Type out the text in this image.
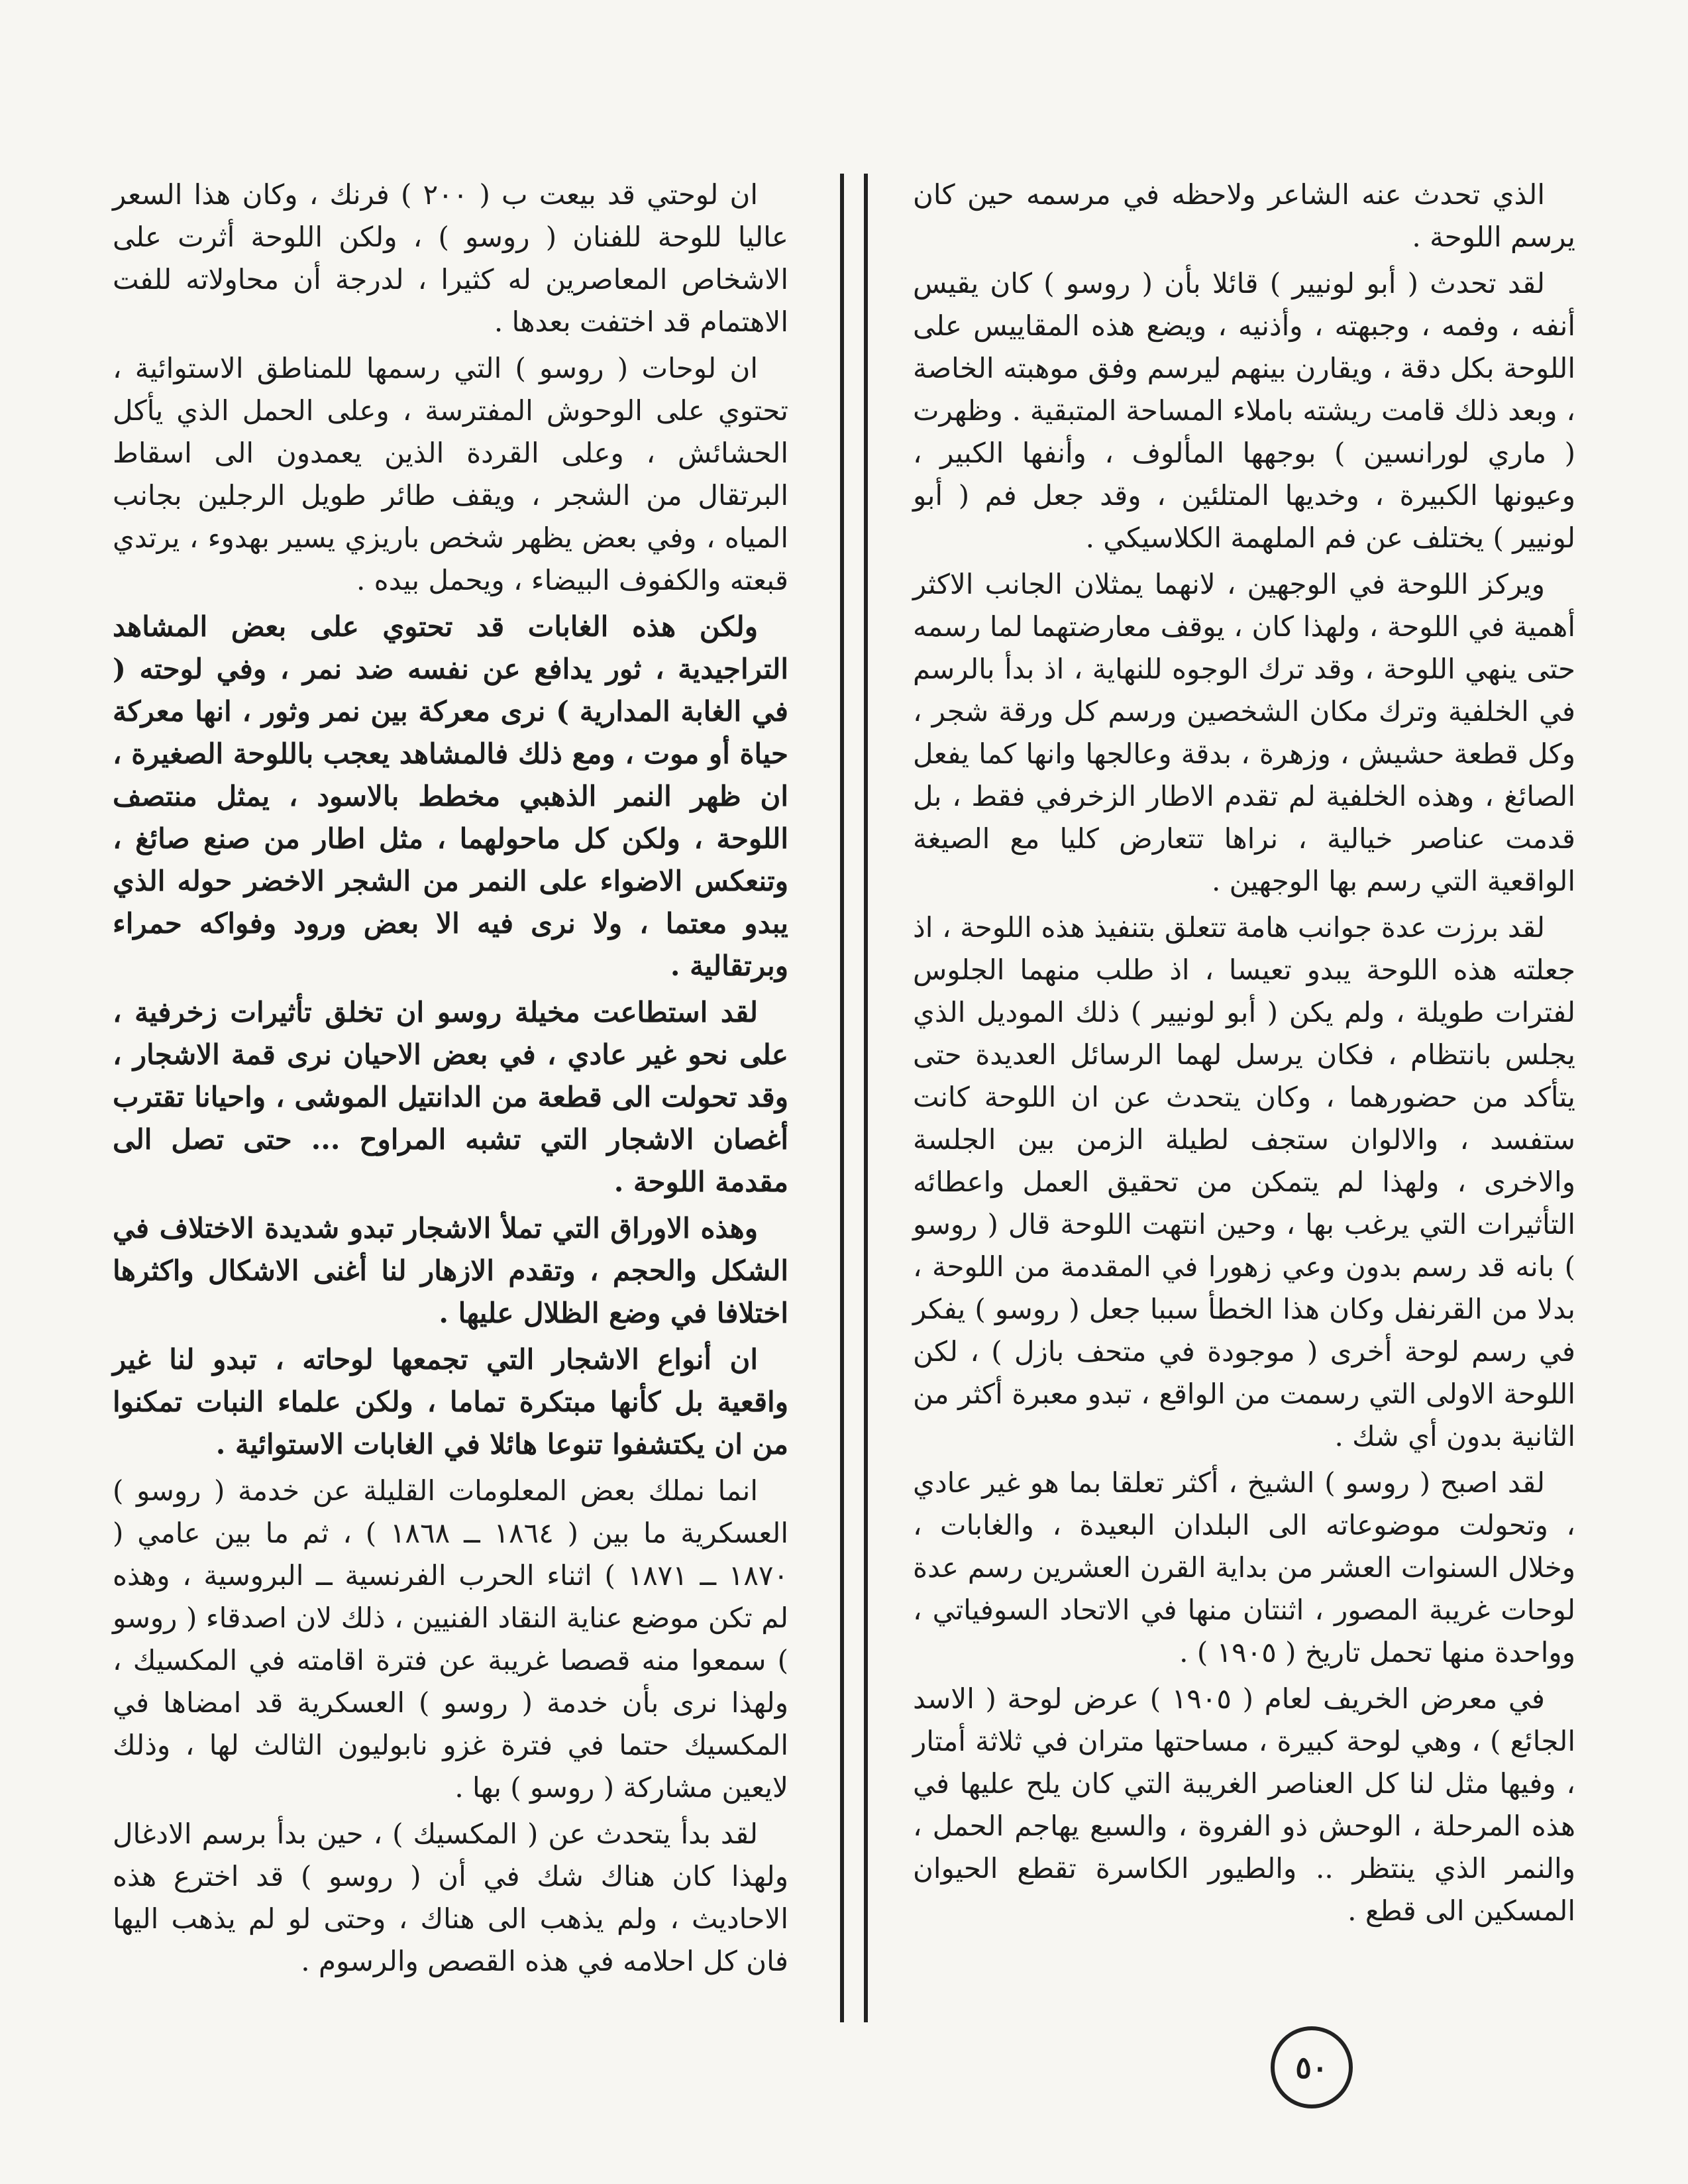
الذي تحدث عنه الشاعر ولاحظه في مرسمه حين كان يرسم اللوحة .

لقد تحدث ( أبو لونيير ) قائلا بأن ( روسو ) كان يقيس أنفه ، وفمه ، وجبهته ، وأذنيه ، ويضع هذه المقاييس على اللوحة بكل دقة ، ويقارن بينهم ليرسم وفق موهبته الخاصة ، وبعد ذلك قامت ريشته باملاء المساحة المتبقية . وظهرت ( ماري لورانسين ) بوجهها المألوف ، وأنفها الكبير ، وعيونها الكبيرة ، وخديها المتلئين ، وقد جعل فم ( أبو لونيير ) يختلف عن فم الملهمة الكلاسيكي .

ويركز اللوحة في الوجهين ، لانهما يمثلان الجانب الاكثر أهمية في اللوحة ، ولهذا كان ، يوقف معارضتهما لما رسمه حتى ينهي اللوحة ، وقد ترك الوجوه للنهاية ، اذ بدأ بالرسم في الخلفية وترك مكان الشخصين ورسم كل ورقة شجر ، وكل قطعة حشيش ، وزهرة ، بدقة وعالجها وانها كما يفعل الصائغ ، وهذه الخلفية لم تقدم الاطار الزخرفي فقط ، بل قدمت عناصر خيالية ، نراها تتعارض كليا مع الصيغة الواقعية التي رسم بها الوجهين .

لقد برزت عدة جوانب هامة تتعلق بتنفيذ هذه اللوحة ، اذ جعلته هذه اللوحة يبدو تعيسا ، اذ طلب منهما الجلوس لفترات طويلة ، ولم يكن ( أبو لونيير ) ذلك الموديل الذي يجلس بانتظام ، فكان يرسل لهما الرسائل العديدة حتى يتأكد من حضورهما ، وكان يتحدث عن ان اللوحة كانت ستفسد ، والالوان ستجف لطيلة الزمن بين الجلسة والاخرى ، ولهذا لم يتمكن من تحقيق العمل واعطائه التأثيرات التي يرغب بها ، وحين انتهت اللوحة قال ( روسو ) بانه قد رسم بدون وعي زهورا في المقدمة من اللوحة ، بدلا من القرنفل وكان هذا الخطأ سببا جعل ( روسو ) يفكر في رسم لوحة أخرى ( موجودة في متحف بازل ) ، لكن اللوحة الاولى التي رسمت من الواقع ، تبدو معبرة أكثر من الثانية بدون أي شك .

لقد اصبح ( روسو ) الشيخ ، أكثر تعلقا بما هو غير عادي ، وتحولت موضوعاته الى البلدان البعيدة ، والغابات ، وخلال السنوات العشر من بداية القرن العشرين رسم عدة لوحات غريبة المصور ، اثنتان منها في الاتحاد السوفياتي ، وواحدة منها تحمل تاريخ ( ١٩٠٥ ) .

في معرض الخريف لعام ( ١٩٠٥ ) عرض لوحة ( الاسد الجائع ) ، وهي لوحة كبيرة ، مساحتها متران في ثلاثة أمتار ، وفيها مثل لنا كل العناصر الغريبة التي كان يلح عليها في هذه المرحلة ، الوحش ذو الفروة ، والسبع يهاجم الحمل ، والنمر الذي ينتظر .. والطيور الكاسرة تقطع الحيوان المسكين الى قطع .

ان لوحتي قد بيعت ب ( ٢٠٠ ) فرنك ، وكان هذا السعر عاليا للوحة للفنان ( روسو ) ، ولكن اللوحة أثرت على الاشخاص المعاصرين له كثيرا ، لدرجة أن محاولاته للفت الاهتمام قد اختفت بعدها .

ان لوحات ( روسو ) التي رسمها للمناطق الاستوائية ، تحتوي على الوحوش المفترسة ، وعلى الحمل الذي يأكل الحشائش ، وعلى القردة الذين يعمدون الى اسقاط البرتقال من الشجر ، ويقف طائر طويل الرجلين بجانب المياه ، وفي بعض يظهر شخص باريزي يسير بهدوء ، يرتدي قبعته والكفوف البيضاء ، ويحمل بيده .

ولكن هذه الغابات قد تحتوي على بعض المشاهد التراجيدية ، ثور يدافع عن نفسه ضد نمر ، وفي لوحته ( في الغابة المدارية ) نرى معركة بين نمر وثور ، انها معركة حياة أو موت ، ومع ذلك فالمشاهد يعجب باللوحة الصغيرة ، ان ظهر النمر الذهبي مخطط بالاسود ، يمثل منتصف اللوحة ، ولكن كل ماحولهما ، مثل اطار من صنع صائغ ، وتنعكس الاضواء على النمر من الشجر الاخضر حوله الذي يبدو معتما ، ولا نرى فيه الا بعض ورود وفواكه حمراء وبرتقالية .

لقد استطاعت مخيلة روسو ان تخلق تأثيرات زخرفية ، على نحو غير عادي ، في بعض الاحيان نرى قمة الاشجار ، وقد تحولت الى قطعة من الدانتيل الموشى ، واحيانا تقترب أغصان الاشجار التي تشبه المراوح ... حتى تصل الى مقدمة اللوحة .

وهذه الاوراق التي تملأ الاشجار تبدو شديدة الاختلاف في الشكل والحجم ، وتقدم الازهار لنا أغنى الاشكال واكثرها اختلافا في وضع الظلال عليها .

ان أنواع الاشجار التي تجمعها لوحاته ، تبدو لنا غير واقعية بل كأنها مبتكرة تماما ، ولكن علماء النبات تمكنوا من ان يكتشفوا تنوعا هائلا في الغابات الاستوائية .

انما نملك بعض المعلومات القليلة عن خدمة ( روسو ) العسكرية ما بين ( ١٨٦٤ ــ ١٨٦٨ ) ، ثم ما بين عامي ( ١٨٧٠ ــ ١٨٧١ ) اثناء الحرب الفرنسية ــ البروسية ، وهذه لم تكن موضع عناية النقاد الفنيين ، ذلك لان اصدقاء ( روسو ) سمعوا منه قصصا غريبة عن فترة اقامته في المكسيك ، ولهذا نرى بأن خدمة ( روسو ) العسكرية قد امضاها في المكسيك حتما في فترة غزو نابوليون الثالث لها ، وذلك لايعين مشاركة ( روسو ) بها .

لقد بدأ يتحدث عن ( المكسيك ) ، حين بدأ برسم الادغال ولهذا كان هناك شك في أن ( روسو ) قد اخترع هذه الاحاديث ، ولم يذهب الى هناك ، وحتى لو لم يذهب اليها فان كل احلامه في هذه القصص والرسوم .

٥٠
